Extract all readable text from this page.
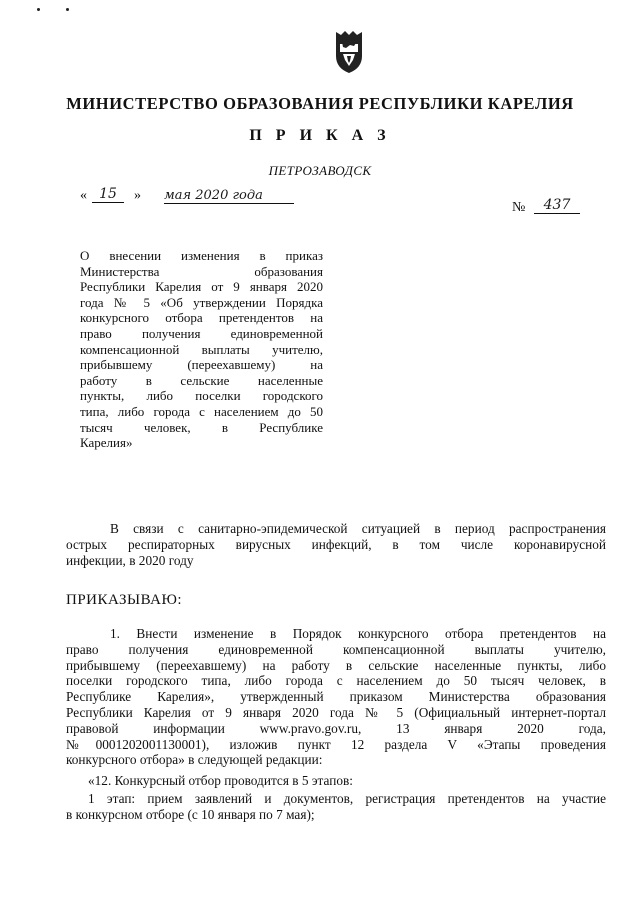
МИНИСТЕРСТВО ОБРАЗОВАНИЯ РЕСПУБЛИКИ КАРЕЛИЯ
П Р И К А З
ПЕТРОЗАВОДСК
« 15	» мая 2020 года
№	437
О внесении изменения в приказ
Министерства образования
Республики Карелия от 9 января 2020
года № 5 «Об утверждении Порядка
конкурсного отбора претендентов на
право получения единовременной
компенсационной выплаты учителю,
прибывшему (переехавшему) на
работу в сельские населенные
пункты, либо поселки городского
типа, либо города с населением до 50
тысяч человек, в Республике
Карелия»
В связи с санитарно-эпидемической ситуацией в период распространения
острых респираторных вирусных инфекций, в том числе коронавирусной
инфекции, в 2020 году
ПРИКАЗЫВАЮ:
1. Внести изменение в Порядок конкурсного отбора претендентов на
право получения единовременной компенсационной выплаты учителю,
прибывшему (переехавшему) на работу в сельские населенные пункты, либо
поселки городского типа, либо города с населением до 50 тысяч человек, в
Республике Карелия», утвержденный приказом Министерства образования
Республики Карелия от 9 января 2020 года № 5 (Официальный интернет-портал
правовой информации www.pravo.gov.ru, 13 января 2020 года,
№0001202001130001), изложив пункт 12 раздела V «Этапы проведения
конкурсного отбора» в следующей редакции:
«12. Конкурсный отбор проводится в 5 этапов:
1 этап: прием заявлений и документов, регистрация претендентов на участие
в конкурсном отборе (с 10 января по 7 мая);
